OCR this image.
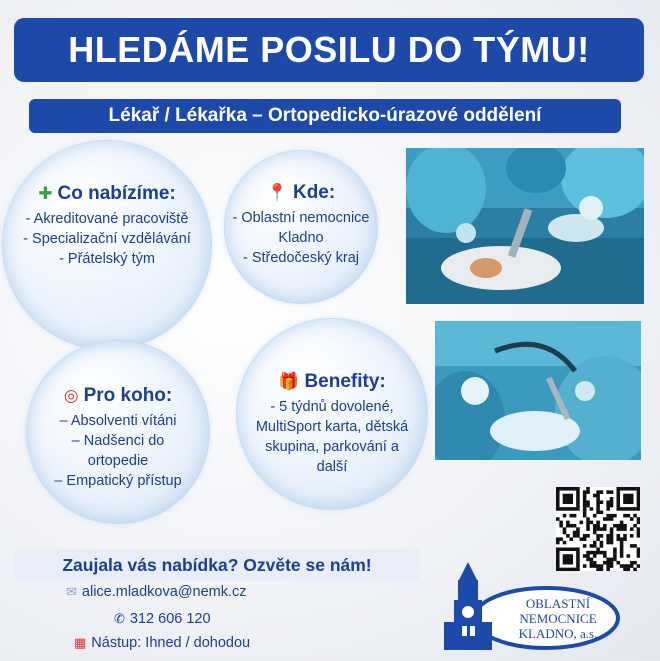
HLEDÁME POSILU DO TÝMU!
Lékař / Lékařka – Ortopedicko-úrazové oddělení
✚ Co nabízíme:
- Akreditované pracoviště
- Specializační vzdělávání
- Přátelský tým
📍 Kde:
- Oblastní nemocnice
Kladno
- Středočeský kraj
◎ Pro koho:
– Absolventi vítáni
– Nadšenci do
ortopedie
– Empatický přístup
🎁 Benefity:
- 5 týdnů dovolené,
MultiSport karta, dětská
skupina, parkování a
další
Zaujala vás nabídka? Ozvěte se nám!
✉ alice.mladkova@nemk.cz
✆ 312 606 120
▦ Nástup: Ihned / dohodou
OBLASTNÍ
NEMOCNICE
KLADNO, a.s.
